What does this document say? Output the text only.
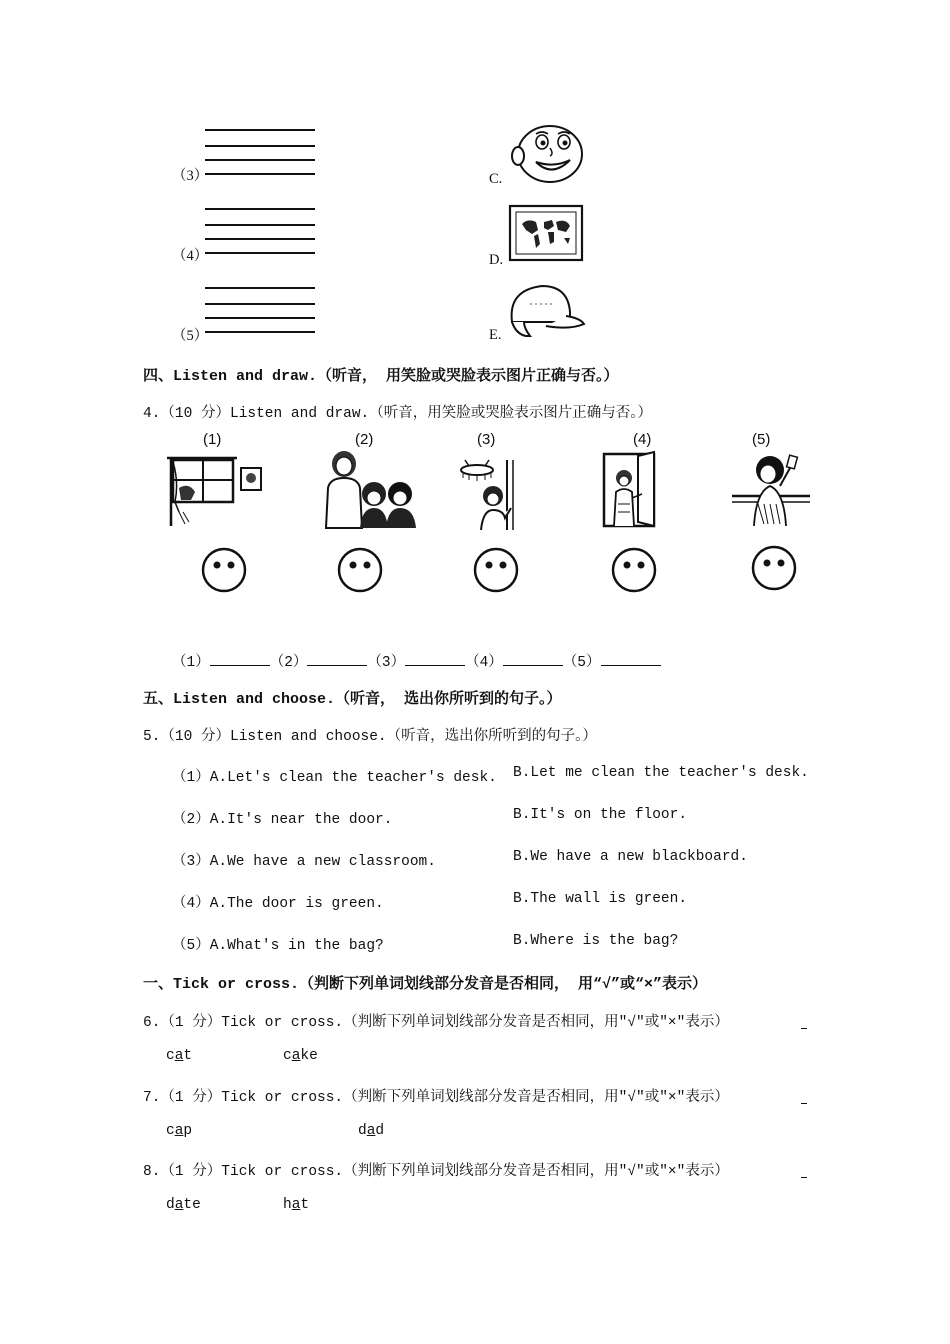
（3）	C.
（4）	D.
（5）	E.
四、Listen and draw.（听音， 用笑脸或哭脸表示图片正确与否。）
4.（10 分）Listen and draw.（听音，用笑脸或哭脸表示图片正确与否。）
(1)	(2)	(3)	(4)	(5)
（1）	（2）	（3）	（4）	（5）
五、Listen and choose.（听音， 选出你所听到的句子。）
5.（10 分）Listen and choose.（听音，选出你所听到的句子。）
（1）A.Let's clean the teacher's desk. B.Let me clean the teacher's desk.
（2）A.It's near the door.	B.It's on the floor.
（3）A.We have a new classroom.	B.We have a new blackboard.
（4）A.The door is green.	B.The wall is green.
（5）A.What's in the bag?	B.Where is the bag?
一、Tick or cross.（判断下列单词划线部分发音是否相同， 用“√”或“×”表示）
6.（1 分）Tick or cross.（判断下列单词划线部分发音是否相同，用"√"或"×"表示）
cat	cake
7.（1 分）Tick or cross.（判断下列单词划线部分发音是否相同，用"√"或"×"表示）
cap	dad
8.（1 分）Tick or cross.（判断下列单词划线部分发音是否相同，用"√"或"×"表示）
date	hat
